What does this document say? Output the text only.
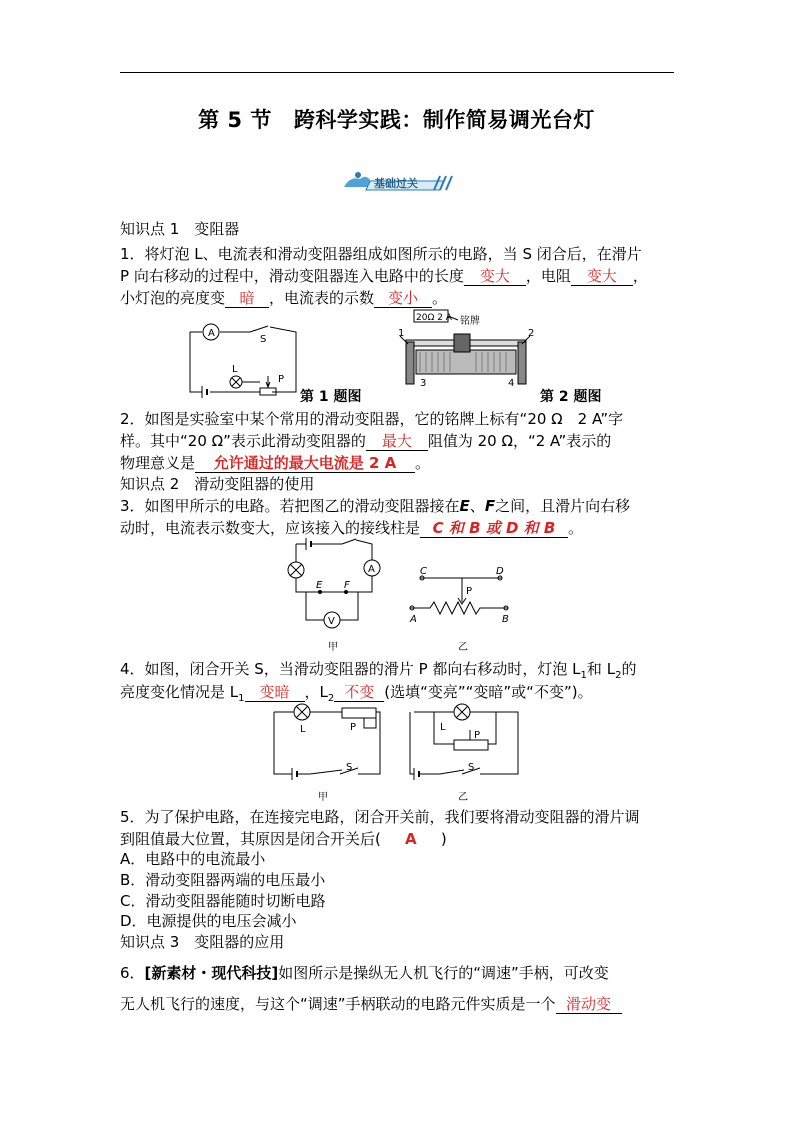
第 5 节 跨科学实践：制作简易调光台灯
基础过关
知识点 1　变阻器
1．将灯泡 L、电流表和滑动变阻器组成如图所示的电路，当 S 闭合后，在滑片
P 向右移动的过程中，滑动变阻器连入电路中的长度 变大 ，电阻 变大 ，
小灯泡的亮度变 暗 ，电流表的示数 变小 。
A
S
L
P
第 1 题图
20Ω 2 A 铭牌
1	2
3	4
第 2 题图
2．如图是实验室中某个常用的滑动变阻器，它的铭牌上标有“20 Ω　2 A”字
样。其中“20 Ω”表示此滑动变阻器的 最大 阻值为 20 Ω，“2 A”表示的
物理意义是 允许通过的最大电流是 2 A 。
知识点 2　滑动变阻器的使用
3．如图甲所示的电路。若把图乙的滑动变阻器接在E、F之间，且滑片向右移
动时，电流表示数变大，应该接入的接线柱是 C 和 B 或 D 和 B 。
E F
A
V
C	D
P
A	B
甲	乙
4．如图，闭合开关 S，当滑动变阻器的滑片 P 都向右移动时，灯泡 $L_1$和 $L_2$的
亮度变化情况是 $L_1$ 变暗 ，$L_2$ 不变 (选填“变亮”“变暗”或“不变”)。
L	P
S
L
P
S
甲	乙
5．为了保护电路，在连接完电路，闭合开关前，我们要将滑动变阻器的滑片调
到阻值最大位置，其原因是闭合开关后( A )
A．电路中的电流最小
B．滑动变阻器两端的电压最小
C．滑动变阻器能随时切断电路
D．电源提供的电压会减小
知识点 3　变阻器的应用
6．[新素材・现代科技]如图所示是操纵无人机飞行的“调速”手柄，可改变
无人机飞行的速度，与这个“调速”手柄联动的电路元件实质是一个 滑动变
